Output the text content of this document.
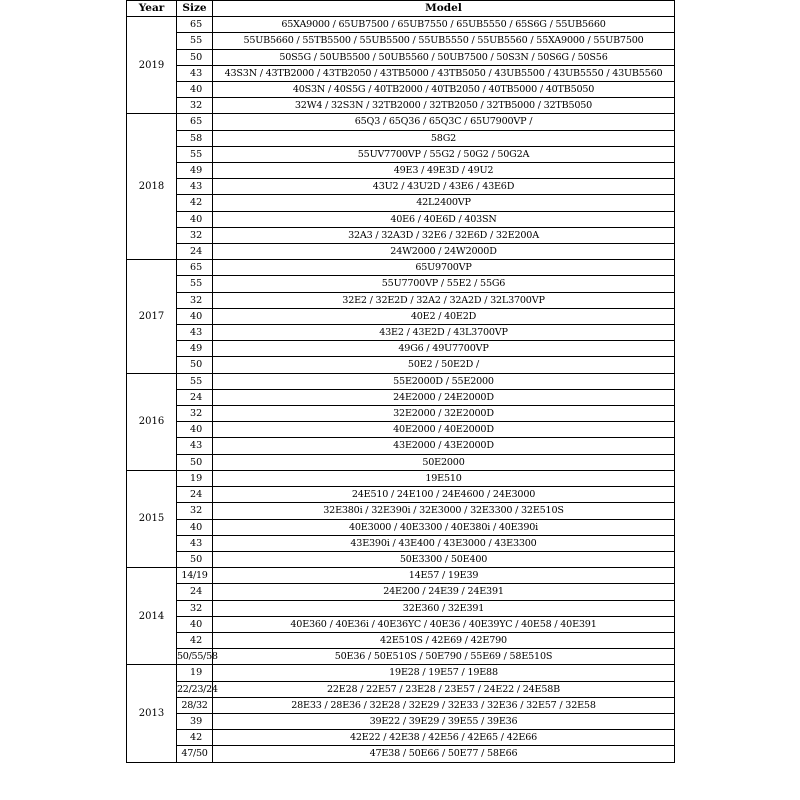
Year	Size	Model
2019	65	65XA9000 / 65UB7500 / 65UB7550 / 65UB5550 / 65S6G / 55UB5660
	55	55UB5660 / 55TB5500 / 55UB5500 / 55UB5550 / 55UB5560 / 55XA9000 / 55UB7500
	50	50S5G / 50UB5500 / 50UB5560 / 50UB7500 / 50S3N / 50S6G / 50S56
	43	43S3N / 43TB2000 / 43TB2050 / 43TB5000 / 43TB5050 / 43UB5500 / 43UB5550 / 43UB5560
	40	40S3N / 40S5G / 40TB2000 / 40TB2050 / 40TB5000 / 40TB5050
	32	32W4 / 32S3N / 32TB2000 / 32TB2050 / 32TB5000 / 32TB5050
2018	65	65Q3 / 65Q36 / 65Q3C / 65U7900VP /
	58	58G2
	55	55UV7700VP / 55G2 / 50G2 / 50G2A
	49	49E3 / 49E3D / 49U2
	43	43U2 / 43U2D / 43E6 / 43E6D
	42	42L2400VP
	40	40E6 / 40E6D / 403SN
	32	32A3 / 32A3D / 32E6 / 32E6D / 32E200A
	24	24W2000 / 24W2000D
2017	65	65U9700VP
	55	55U7700VP / 55E2 / 55G6
	32	32E2 / 32E2D / 32A2 / 32A2D / 32L3700VP
	40	40E2 / 40E2D
	43	43E2 / 43E2D / 43L3700VP
	49	49G6 / 49U7700VP
	50	50E2 / 50E2D /
2016	55	55E2000D / 55E2000
	24	24E2000 / 24E2000D
	32	32E2000 / 32E2000D
	40	40E2000 / 40E2000D
	43	43E2000 / 43E2000D
	50	50E2000
2015	19	19E510
	24	24E510 / 24E100 / 24E4600 / 24E3000
	32	32E380i / 32E390i / 32E3000 / 32E3300 / 32E510S
	40	40E3000 / 40E3300 / 40E380i / 40E390i
	43	43E390i / 43E400 / 43E3000 / 43E3300
	50	50E3300 / 50E400
2014	14/19	14E57 / 19E39
	24	24E200 / 24E39 / 24E391
	32	32E360 / 32E391
	40	40E360 / 40E36i / 40E36YC / 40E36 / 40E39YC / 40E58 / 40E391
	42	42E510S / 42E69 / 42E790
	50/55/58	50E36 / 50E510S / 50E790 / 55E69 / 58E510S
2013	19	19E28 / 19E57 / 19E88
	22/23/24	22E28 / 22E57 / 23E28 / 23E57 / 24E22 / 24E58B
	28/32	28E33 / 28E36 / 32E28 / 32E29 / 32E33 / 32E36 / 32E57 / 32E58
	39	39E22 / 39E29 / 39E55 / 39E36
	42	42E22 / 42E38 / 42E56 / 42E65 / 42E66
	47/50	47E38 / 50E66 / 50E77 / 58E66
